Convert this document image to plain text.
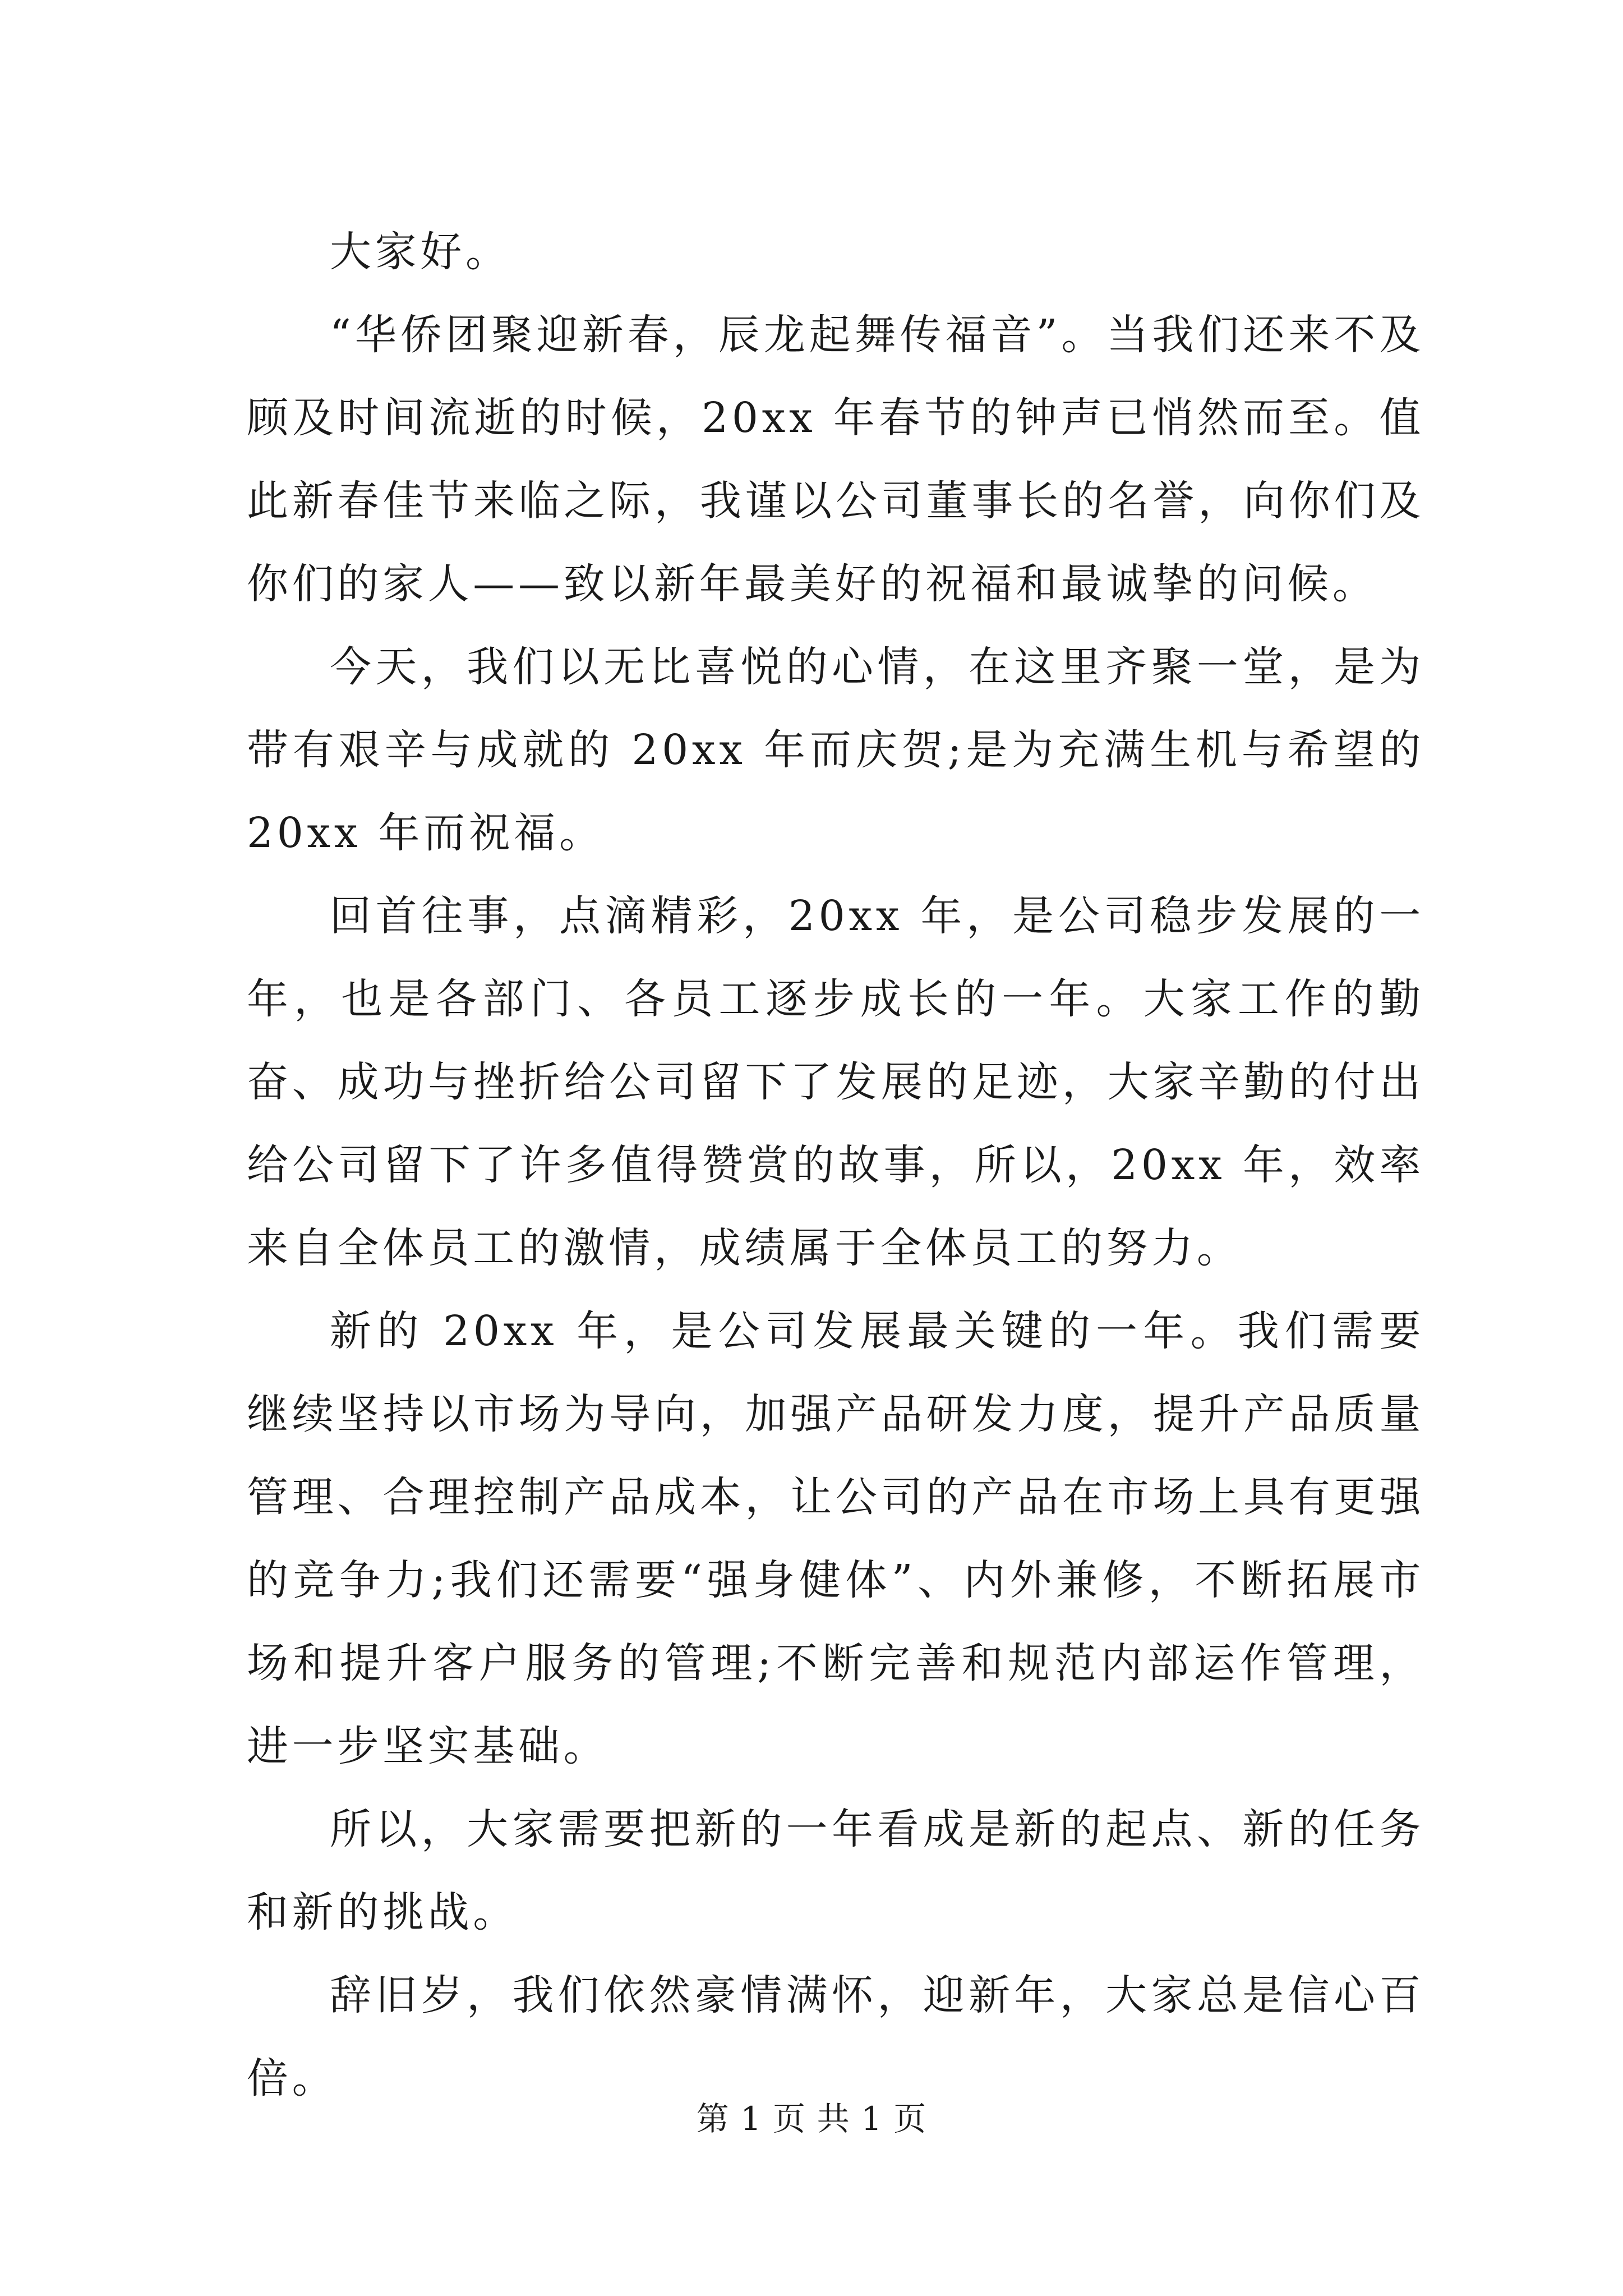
大家好。

“华侨团聚迎新春，辰龙起舞传福音”。当我们还来不及顾及时间流逝的时候，20xx 年春节的钟声已悄然而至。值此新春佳节来临之际，我谨以公司董事长的名誉，向你们及你们的家人——致以新年最美好的祝福和最诚挚的问候。

今天，我们以无比喜悦的心情，在这里齐聚一堂，是为带有艰辛与成就的 20xx 年而庆贺;是为充满生机与希望的 20xx 年而祝福。

回首往事，点滴精彩，20xx 年，是公司稳步发展的一年，也是各部门、各员工逐步成长的一年。大家工作的勤奋、成功与挫折给公司留下了发展的足迹，大家辛勤的付出给公司留下了许多值得赞赏的故事，所以，20xx 年，效率来自全体员工的激情，成绩属于全体员工的努力。

新的 20xx 年，是公司发展最关键的一年。我们需要继续坚持以市场为导向，加强产品研发力度，提升产品质量管理、合理控制产品成本，让公司的产品在市场上具有更强的竞争力;我们还需要“强身健体”、内外兼修，不断拓展市场和提升客户服务的管理;不断完善和规范内部运作管理，进一步坚实基础。

所以，大家需要把新的一年看成是新的起点、新的任务和新的挑战。

辞旧岁，我们依然豪情满怀，迎新年，大家总是信心百倍。

第 1 页 共 1 页
